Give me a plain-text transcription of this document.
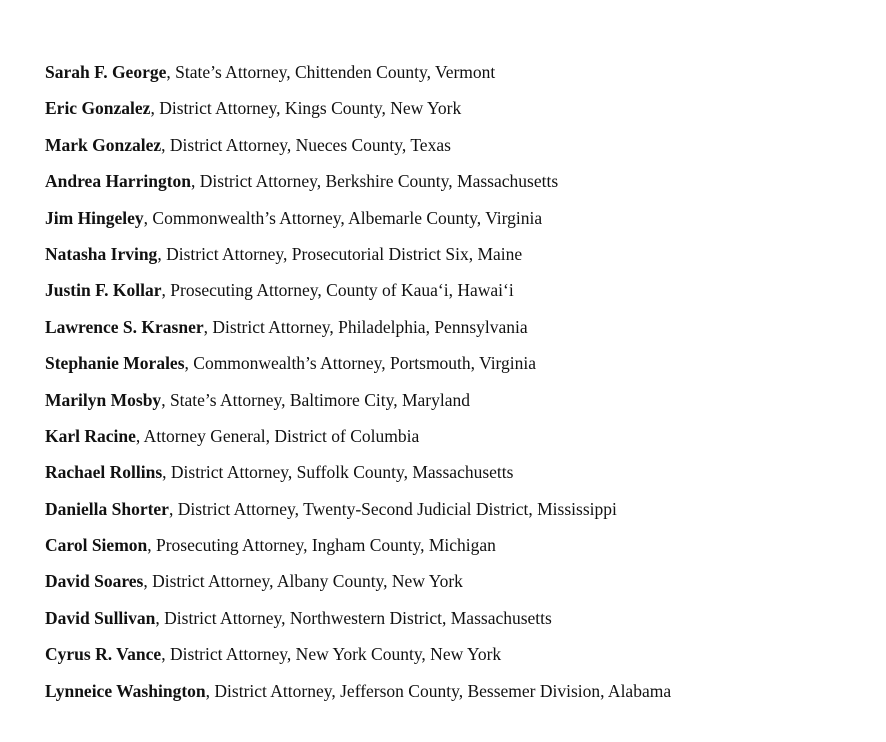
Sarah F. George, State’s Attorney, Chittenden County, Vermont
Eric Gonzalez, District Attorney, Kings County, New York
Mark Gonzalez, District Attorney, Nueces County, Texas
Andrea Harrington, District Attorney, Berkshire County, Massachusetts
Jim Hingeley, Commonwealth’s Attorney, Albemarle County, Virginia
Natasha Irving, District Attorney, Prosecutorial District Six, Maine
Justin F. Kollar, Prosecuting Attorney, County of Kauaʻi, Hawaiʻi
Lawrence S. Krasner, District Attorney, Philadelphia, Pennsylvania
Stephanie Morales, Commonwealth’s Attorney, Portsmouth, Virginia
Marilyn Mosby, State’s Attorney, Baltimore City, Maryland
Karl Racine, Attorney General, District of Columbia
Rachael Rollins, District Attorney, Suffolk County, Massachusetts
Daniella Shorter, District Attorney, Twenty-Second Judicial District, Mississippi
Carol Siemon, Prosecuting Attorney, Ingham County, Michigan
David Soares, District Attorney, Albany County, New York
David Sullivan, District Attorney, Northwestern District, Massachusetts
Cyrus R. Vance, District Attorney, New York County, New York
Lynneice Washington, District Attorney, Jefferson County, Bessemer Division, Alabama
